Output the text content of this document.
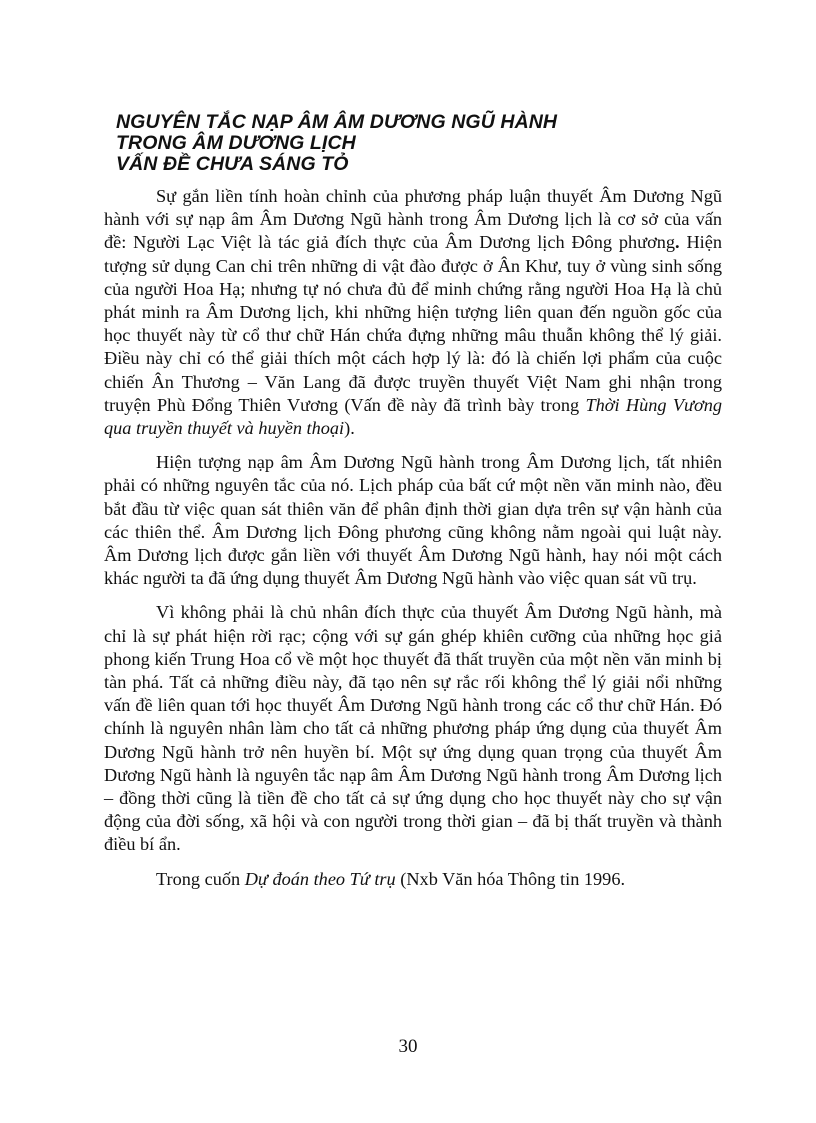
NGUYÊN TẮC NẠP ÂM ÂM DƯƠNG NGŨ HÀNH
TRONG ÂM DƯƠNG LỊCH
VẤN ĐỀ CHƯA SÁNG TỎ

Sự gắn liền tính hoàn chỉnh của phương pháp luận thuyết Âm Dương Ngũ hành với sự nạp âm Âm Dương Ngũ hành trong Âm Dương lịch là cơ sở của vấn đề: Người Lạc Việt là tác giả đích thực của Âm Dương lịch Đông phương. Hiện tượng sử dụng Can chi trên những di vật đào được ở Ân Khư, tuy ở vùng sinh sống của người Hoa Hạ; nhưng tự nó chưa đủ để minh chứng rằng người Hoa Hạ là chủ phát minh ra Âm Dương lịch, khi những hiện tượng liên quan đến nguồn gốc của học thuyết này từ cổ thư chữ Hán chứa đựng những mâu thuẫn không thể lý giải. Điều này chỉ có thể giải thích một cách hợp lý là: đó là chiến lợi phẩm của cuộc chiến Ân Thương – Văn Lang đã được truyền thuyết Việt Nam ghi nhận trong truyện Phù Đổng Thiên Vương (Vấn đề này đã trình bày trong Thời Hùng Vương qua truyền thuyết và huyền thoại).

Hiện tượng nạp âm Âm Dương Ngũ hành trong Âm Dương lịch, tất nhiên phải có những nguyên tắc của nó. Lịch pháp của bất cứ một nền văn minh nào, đều bắt đầu từ việc quan sát thiên văn để phân định thời gian dựa trên sự vận hành của các thiên thể. Âm Dương lịch Đông phương cũng không nằm ngoài qui luật này. Âm Dương lịch được gắn liền với thuyết Âm Dương Ngũ hành, hay nói một cách khác người ta đã ứng dụng thuyết Âm Dương Ngũ hành vào việc quan sát vũ trụ.

Vì không phải là chủ nhân đích thực của thuyết Âm Dương Ngũ hành, mà chỉ là sự phát hiện rời rạc; cộng với sự gán ghép khiên cưỡng của những học giả phong kiến Trung Hoa cổ về một học thuyết đã thất truyền của một nền văn minh bị tàn phá. Tất cả những điều này, đã tạo nên sự rắc rối không thể lý giải nổi những vấn đề liên quan tới học thuyết Âm Dương Ngũ hành trong các cổ thư chữ Hán. Đó chính là nguyên nhân làm cho tất cả những phương pháp ứng dụng của thuyết Âm Dương Ngũ hành trở nên huyền bí. Một sự ứng dụng quan trọng của thuyết Âm Dương Ngũ hành là nguyên tắc nạp âm Âm Dương Ngũ hành trong Âm Dương lịch – đồng thời cũng là tiền đề cho tất cả sự ứng dụng cho học thuyết này cho sự vận động của đời sống, xã hội và con người trong thời gian – đã bị thất truyền và thành điều bí ẩn.

Trong cuốn Dự đoán theo Tứ trụ (Nxb Văn hóa Thông tin 1996.

30
